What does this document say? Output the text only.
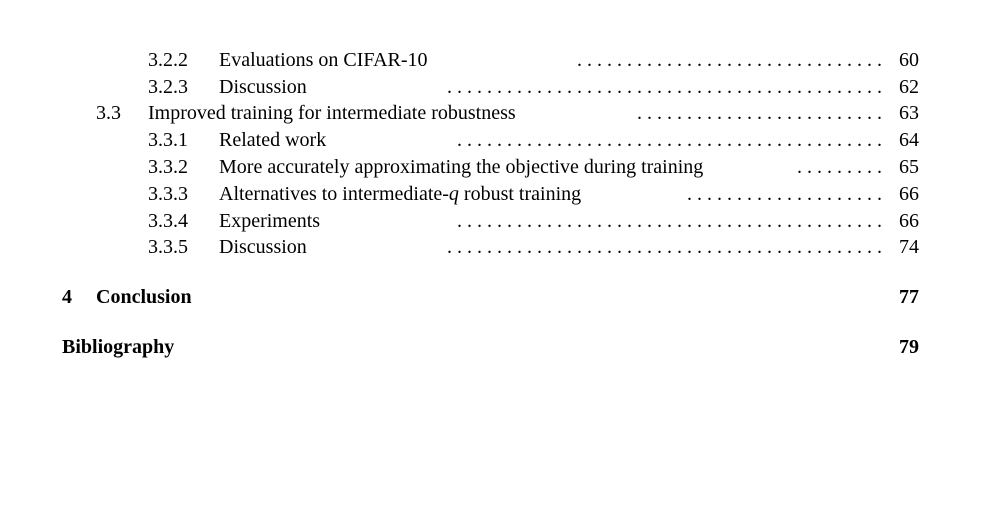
3.2.2 Evaluations on CIFAR-10	. . . . . . . . . . . . . . . . . . . . . . . . . . . . . . . 60
3.2.3 Discussion	. . . . . . . . . . . . . . . . . . . . . . . . . . . . . . . . . . . . . . . . . . . . 62
3.3 Improved training for intermediate robustness	. . . . . . . . . . . . . . . . . . . . . . . . . 63
3.3.1 Related work	. . . . . . . . . . . . . . . . . . . . . . . . . . . . . . . . . . . . . . . . . . . 64
3.3.2 More accurately approximating the objective during training	. . . . . . . . . 65
3.3.3 Alternatives to intermediate-q robust training	. . . . . . . . . . . . . . . . . . . . 66
3.3.4 Experiments	. . . . . . . . . . . . . . . . . . . . . . . . . . . . . . . . . . . . . . . . . . . 66
3.3.5 Discussion	. . . . . . . . . . . . . . . . . . . . . . . . . . . . . . . . . . . . . . . . . . . . 74
4 Conclusion	77
Bibliography	79
